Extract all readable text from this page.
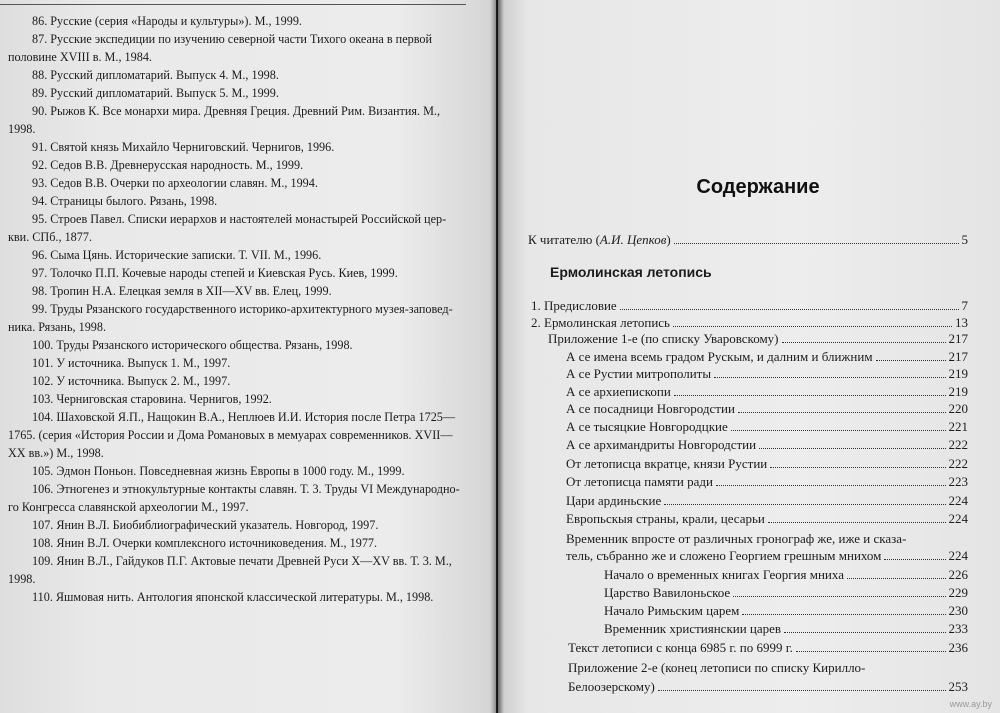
86. Русские (серия «Народы и культуры»). М., 1999.
87. Русские экспедиции по изучению северной части Тихого океана в первой
половине XVIII в. М., 1984.
88. Русский дипломатарий. Выпуск 4. М., 1998.
89. Русский дипломатарий. Выпуск 5. М., 1999.
90. Рыжов К. Все монархи мира. Древняя Греция. Древний Рим. Византия. М.,
1998.
91. Святой князь Михайло Черниговский. Чернигов, 1996.
92. Седов В.В. Древнерусская народность. М., 1999.
93. Седов В.В. Очерки по археологии славян. М., 1994.
94. Страницы былого. Рязань, 1998.
95. Строев Павел. Списки иерархов и настоятелей монастырей Российской цер-
кви. СПб., 1877.
96. Сыма Цянь. Исторические записки. Т. VII. М., 1996.
97. Толочко П.П. Кочевые народы степей и Киевская Русь. Киев, 1999.
98. Тропин Н.А. Елецкая земля в XII—XV вв. Елец, 1999.
99. Труды Рязанского государственного историко-архитектурного музея-заповед-
ника. Рязань, 1998.
100. Труды Рязанского исторического общества. Рязань, 1998.
101. У источника. Выпуск 1. М., 1997.
102. У источника. Выпуск 2. М., 1997.
103. Черниговская старовина. Чернигов, 1992.
104. Шаховской Я.П., Нащокин В.А., Неплюев И.И. История после Петра 1725—
1765. (серия «История России и Дома Романовых в мемуарах современников. XVII—
XX вв.») М., 1998.
105. Эдмон Поньон. Повседневная жизнь Европы в 1000 году. М., 1999.
106. Этногенез и этнокультурные контакты славян. Т. 3. Труды VI Международно-
го Конгресса славянской археологии М., 1997.
107. Янин В.Л. Биобиблиографический указатель. Новгород, 1997.
108. Янин В.Л. Очерки комплексного источниковедения. М., 1977.
109. Янин В.Л., Гайдуков П.Г. Актовые печати Древней Руси X—XV вв. Т. 3. М.,
1998.
110. Яшмовая нить. Антология японской классической литературы. М., 1998.
Содержание
К читателю (А.И. Цепков)	5
Ермолинская летопись
1. Предисловие	7
2. Ермолинская летопись	13
Приложение 1-е (по списку Уваровскому)	217
А се имена всемь градом Рускым, и далним и ближним	217
А се Рустии митрополиты	219
А се архиепископи	219
А се посадници Новгородстии	220
А се тысяцкие Новгородцкие	221
А се архимандриты Новгородстии	222
От летописца вкратце, князи Рустии	222
От летописца памяти ради	223
Цари ардиньские	224
Европьскыя страны, крали, цесарьи	224
Временник впросте от различных гронограф же, иже и сказа-
тель, събранно же и сложено Георгием грешным мнихом	224
Начало о временных книгах Георгия мниха	226
Царство Вавилоньское	229
Начало Римьским царем	230
Временник християнскии царев	233
Текст летописи с конца 6985 г. по 6999 г.	236
Приложение 2-е (конец летописи по списку Кирилло-
Белоозерскому)	253
www.ay.by
